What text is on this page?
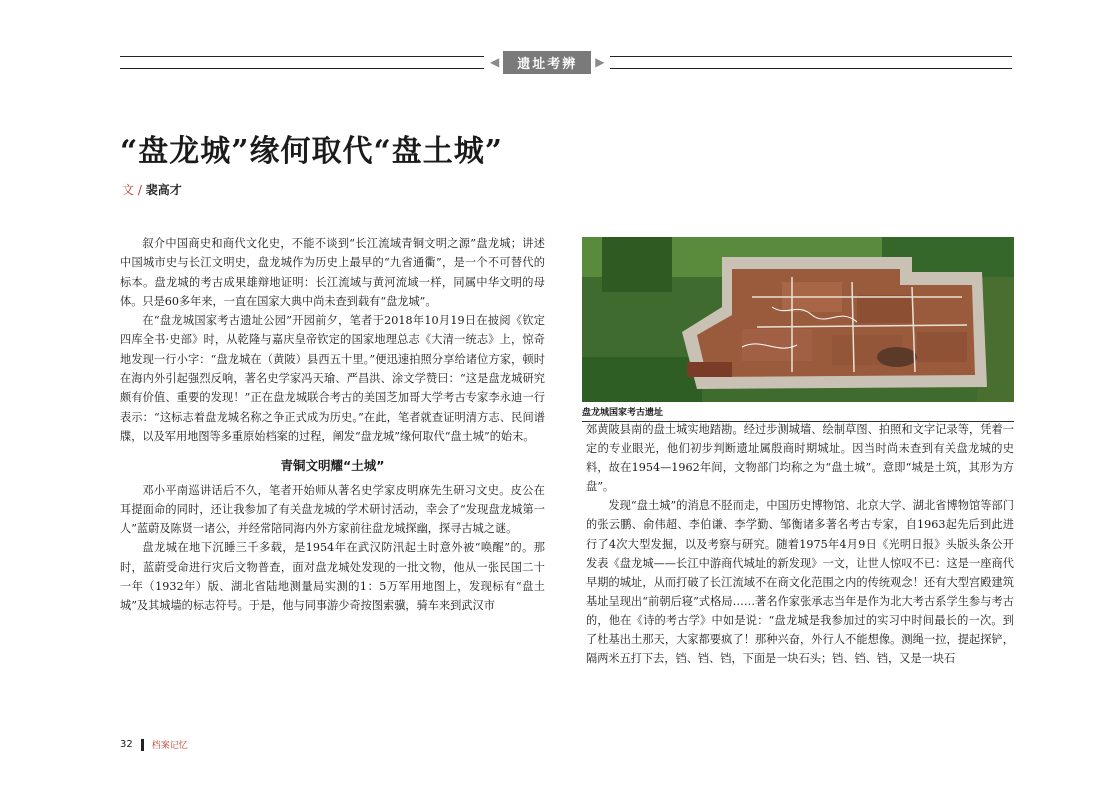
◀	遗址考辨	▶
“盘龙城”缘何取代“盘土城”
文 / 裴高才

叙介中国商史和商代文化史，不能不谈到“长江流域青铜文明之源”盘龙城；讲述中国城市史与长江文明史，盘龙城作为历史上最早的“九省通衢”，是一个不可替代的标本。盘龙城的考古成果雄辩地证明：长江流域与黄河流域一样，同属中华文明的母体。只是60多年来，一直在国家大典中尚未查到载有“盘龙城”。

在“盘龙城国家考古遗址公园”开园前夕，笔者于2018年10月19日在披阅《钦定四库全书·史部》时，从乾隆与嘉庆皇帝钦定的国家地理总志《大清一统志》上，惊奇地发现一行小字：“盘龙城在（黄陂）县西五十里。”便迅速拍照分享给诸位方家，顿时在海内外引起强烈反响，著名史学家冯天瑜、严昌洪、涂文学赞曰：“这是盘龙城研究颇有价值、重要的发现！”正在盘龙城联合考古的美国芝加哥大学考古专家李永迪一行表示：“这标志着盘龙城名称之争正式成为历史。”在此，笔者就查证明清方志、民间谱牒，以及军用地图等多重原始档案的过程，阐发“盘龙城”缘何取代“盘土城”的始末。

青铜文明耀“土城”

邓小平南巡讲话后不久，笔者开始师从著名史学家皮明庥先生研习文史。皮公在耳提面命的同时，还让我参加了有关盘龙城的学术研讨活动，幸会了“发现盘龙城第一人”蓝蔚及陈贤一诸公，并经常陪同海内外方家前往盘龙城探幽，探寻古城之谜。

盘龙城在地下沉睡三千多载，是1954年在武汉防汛起土时意外被“唤醒”的。那时，蓝蔚受命进行灾后文物普查，面对盘龙城处发现的一批文物，他从一张民国二十一年（1932年）版、湖北省陆地测量局实测的1：5万军用地图上，发现标有“盘土城”及其城墙的标志符号。于是，他与同事游少奇按图索骥，骑车来到武汉市

盘龙城国家考古遗址

郊黄陂县南的盘土城实地踏勘。经过步测城墙、绘制草图、拍照和文字记录等，凭着一定的专业眼光，他们初步判断遗址属殷商时期城址。因当时尚未查到有关盘龙城的史料，故在1954—1962年间，文物部门均称之为“盘土城”。意即“城是土筑，其形为方盘”。

发现“盘土城”的消息不胫而走，中国历史博物馆、北京大学、湖北省博物馆等部门的张云鹏、俞伟超、李伯谦、李学勤、邹衡诸多著名考古专家，自1963起先后到此进行了4次大型发掘，以及考察与研究。随着1975年4月9日《光明日报》头版头条公开发表《盘龙城——长江中游商代城址的新发现》一文，让世人惊叹不已：这是一座商代早期的城址，从而打破了长江流域不在商文化范围之内的传统观念！还有大型宫殿建筑基址呈现出“前朝后寝”式格局……著名作家张承志当年是作为北大考古系学生参与考古的，他在《诗的考古学》中如是说：“盘龙城是我参加过的实习中时间最长的一次。到了杜基出土那天，大家都要疯了！那种兴奋，外行人不能想像。测绳一拉，提起探铲，隔两米五打下去，铛、铛、铛，下面是一块石头；铛、铛、铛，又是一块石

32 档案记忆
